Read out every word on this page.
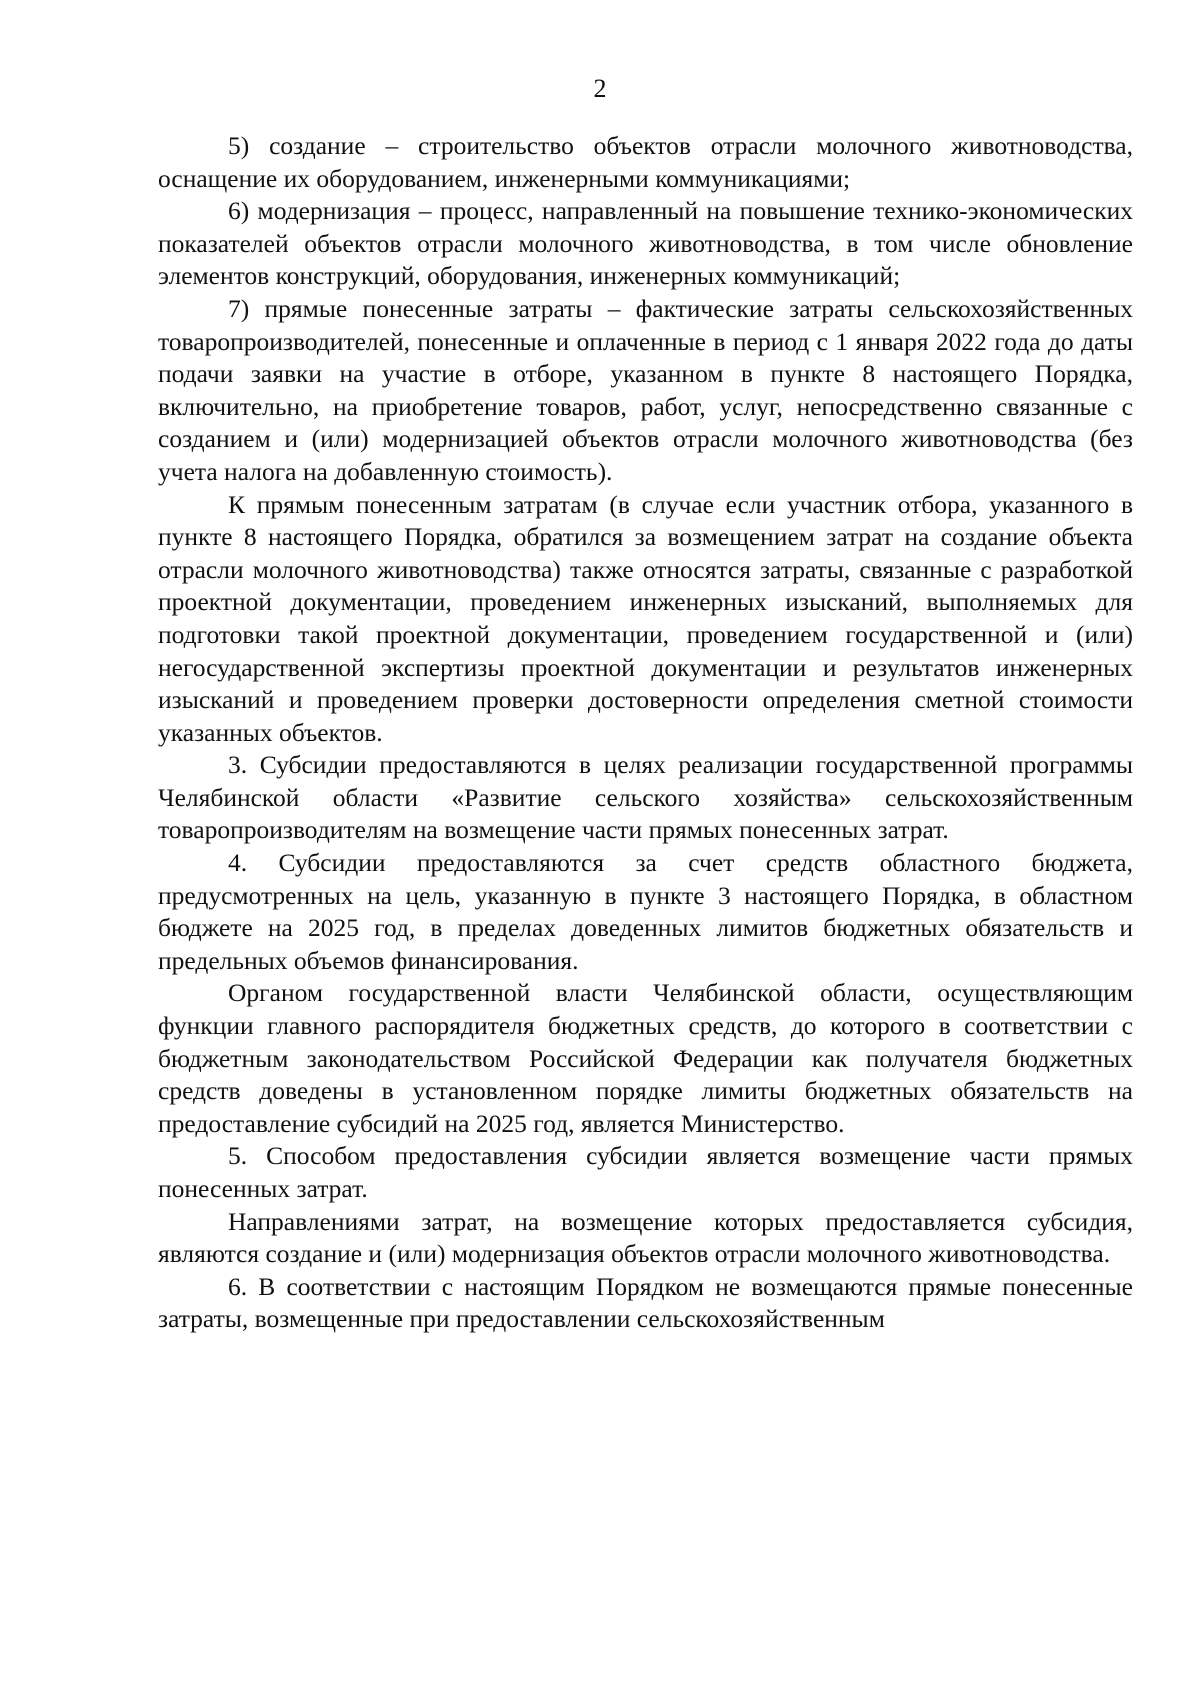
2

5) создание – строительство объектов отрасли молочного животноводства, оснащение их оборудованием, инженерными коммуникациями;

6) модернизация – процесс, направленный на повышение технико-экономических показателей объектов отрасли молочного животноводства, в том числе обновление элементов конструкций, оборудования, инженерных коммуникаций;

7) прямые понесенные затраты – фактические затраты сельскохозяйственных товаропроизводителей, понесенные и оплаченные в период с 1 января 2022 года до даты подачи заявки на участие в отборе, указанном в пункте 8 настоящего Порядка, включительно, на приобретение товаров, работ, услуг, непосредственно связанные с созданием и (или) модернизацией объектов отрасли молочного животноводства (без учета налога на добавленную стоимость).

К прямым понесенным затратам (в случае если участник отбора, указанного в пункте 8 настоящего Порядка, обратился за возмещением затрат на создание объекта отрасли молочного животноводства) также относятся затраты, связанные с разработкой проектной документации, проведением инженерных изысканий, выполняемых для подготовки такой проектной документации, проведением государственной и (или) негосударственной экспертизы проектной документации и результатов инженерных изысканий и проведением проверки достоверности определения сметной стоимости указанных объектов.

3. Субсидии предоставляются в целях реализации государственной программы Челябинской области «Развитие сельского хозяйства» сельскохозяйственным товаропроизводителям на возмещение части прямых понесенных затрат.

4. Субсидии предоставляются за счет средств областного бюджета, предусмотренных на цель, указанную в пункте 3 настоящего Порядка, в областном бюджете на 2025 год, в пределах доведенных лимитов бюджетных обязательств и предельных объемов финансирования.

Органом государственной власти Челябинской области, осуществляющим функции главного распорядителя бюджетных средств, до которого в соответствии с бюджетным законодательством Российской Федерации как получателя бюджетных средств доведены в установленном порядке лимиты бюджетных обязательств на предоставление субсидий на 2025 год, является Министерство.

5. Способом предоставления субсидии является возмещение части прямых понесенных затрат.

Направлениями затрат, на возмещение которых предоставляется субсидия, являются создание и (или) модернизация объектов отрасли молочного животноводства.

6. В соответствии с настоящим Порядком не возмещаются прямые понесенные затраты, возмещенные при предоставлении сельскохозяйственным
